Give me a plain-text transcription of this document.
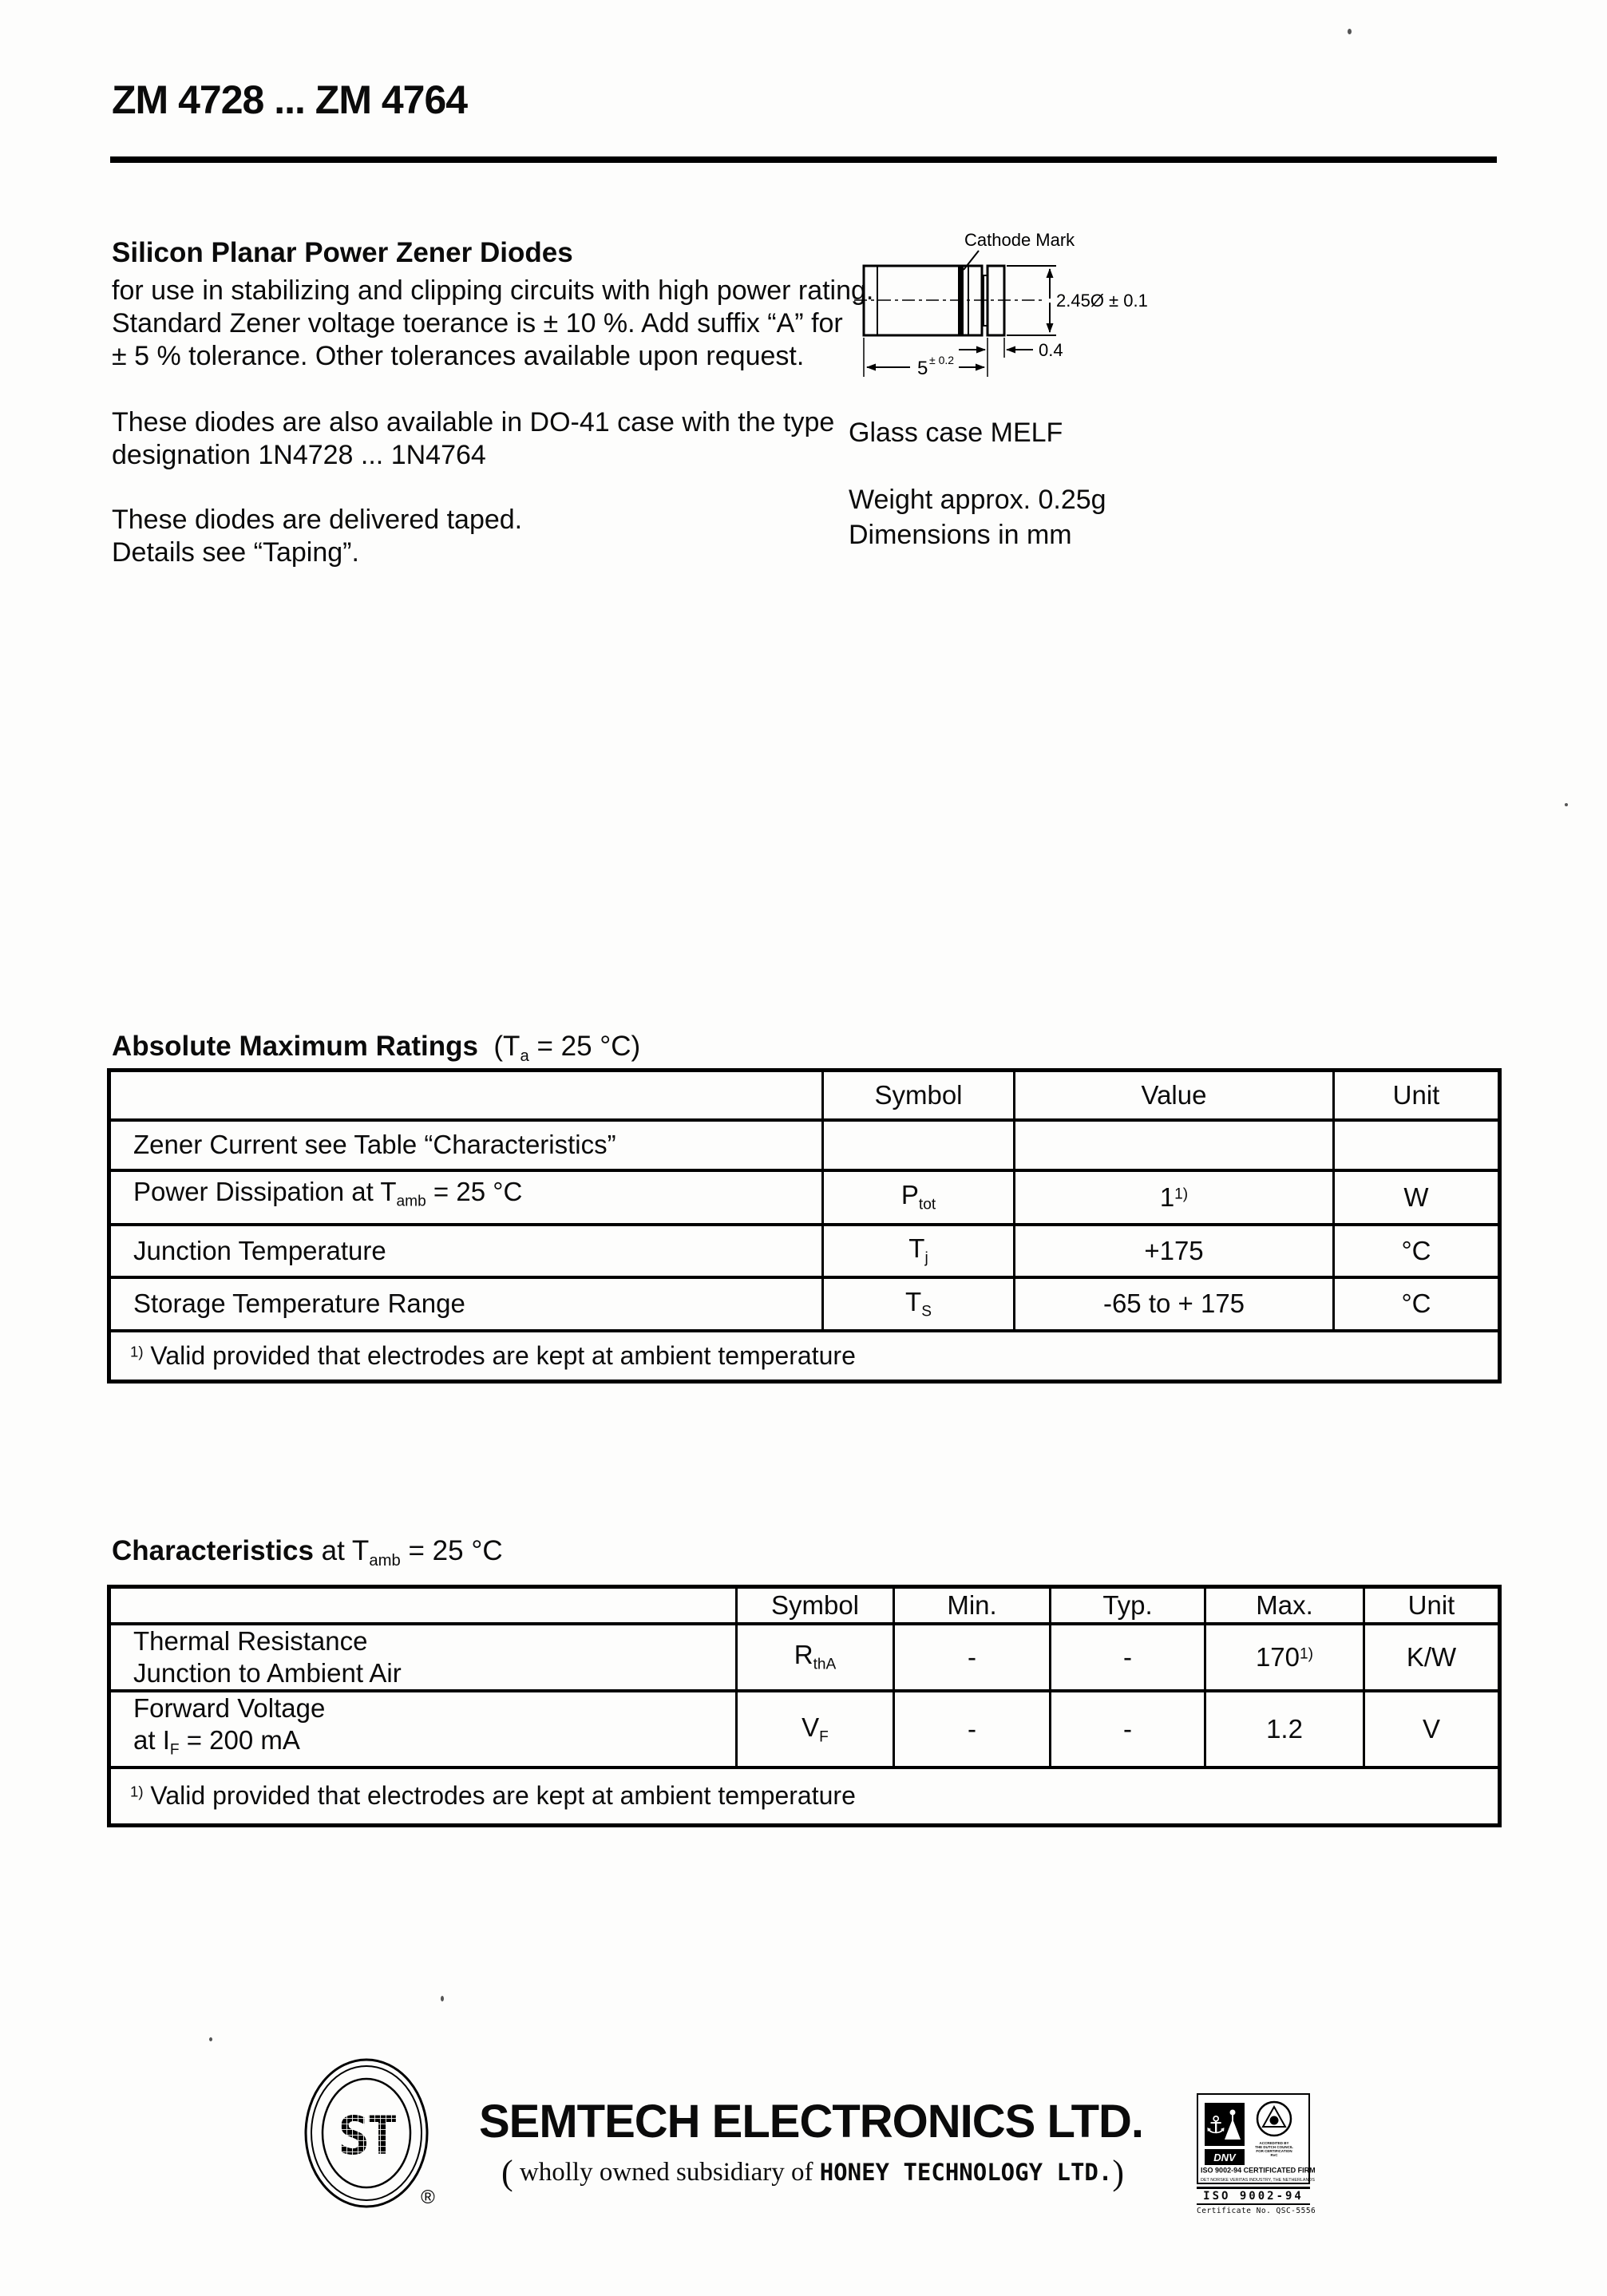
ZM 4728 ... ZM 4764
Silicon Planar Power Zener Diodes
for use in stabilizing and clipping circuits with high power rating.
Standard Zener voltage toerance is ± 10 %. Add suffix “A” for
± 5 % tolerance. Other tolerances available upon request.
These diodes are also available in DO-41 case with the type
designation 1N4728 ... 1N4764
These diodes are delivered taped.
Details see “Taping”.
Cathode Mark
2.45Ø ± 0.1
0.4
5 ± 0.2
Glass case MELF
Weight approx. 0.25g
Dimensions in mm
Absolute Maximum Ratings ($T_a = 25$ °C)
	Symbol	Value	Unit
Zener Current see Table “Characteristics”			
Power Dissipation at $T_{amb} = 25$ °C	$P_{tot}$	1$^{1)}$	W
Junction Temperature	$T_j$	+175	°C
Storage Temperature Range	$T_S$	-65 to + 175	°C
$^{1)}$ Valid provided that electrodes are kept at ambient temperature			
Characteristics at $T_{amb} = 25$ °C
	Symbol	Min.	Typ.	Max.	Unit

Thermal Resistance
Junction to Ambient Air	$R_{thA}$	-	-	170$^{1)}$	K/W

Forward Voltage
at $I_F = 200$ mA	$V_F$	-	-	1.2	V
$^{1)}$ Valid provided that electrodes are kept at ambient temperature					
®
SEMTECH ELECTRONICS LTD.
( wholly owned subsidiary of HONEY TECHNOLOGY LTD.)
⚓
DNV
ACCREDITED BY
THE DUTCH COUNCIL
FOR CERTIFICATION
RvC
ISO 9002-94 CERTIFICATED FIRM
DET NORSKE VERITAS INDUSTRY, THE NETHERLANDS
ISO 9002-94
Certificate No. QSC-5556
